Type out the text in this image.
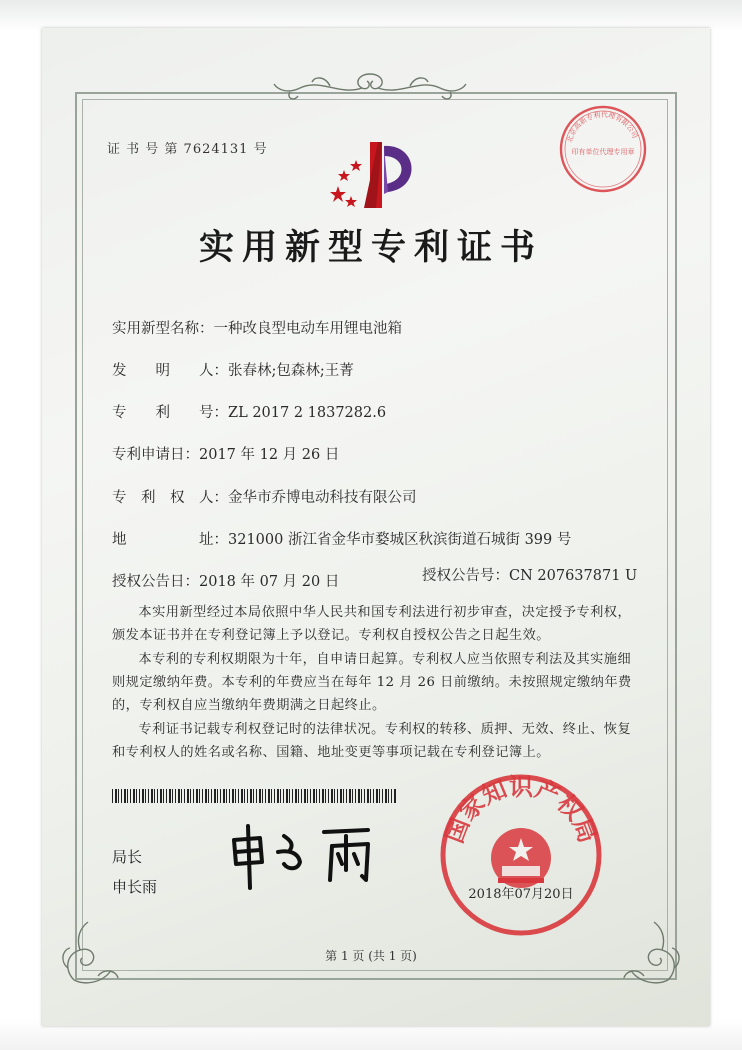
证 书 号 第 7624131 号
实用新型专利证书
北京高新专利代理有限公司
印有单位代理专用章
实用新型名称：一种改良型电动车用锂电池箱
发　　明　　人：张春林;包森林;王菁
专　　利　　号：ZL 2017 2 1837282.6
专利申请日：2017 年 12 月 26 日
专　利　权　人：金华市乔博电动科技有限公司
地　　　　　址：321000 浙江省金华市婺城区秋滨街道石城街 399 号
授权公告日：2018 年 07 月 20 日	授权公告号：CN 207637871 U
本实用新型经过本局依照中华人民共和国专利法进行初步审查，决定授予专利权，颁发本证书并在专利登记簿上予以登记。专利权自授权公告之日起生效。
本专利的专利权期限为十年，自申请日起算。专利权人应当依照专利法及其实施细则规定缴纳年费。本专利的年费应当在每年 12 月 26 日前缴纳。未按照规定缴纳年费的，专利权自应当缴纳年费期满之日起终止。
专利证书记载专利权登记时的法律状况。专利权的转移、质押、无效、终止、恢复和专利权人的姓名或名称、国籍、地址变更等事项记载在专利登记簿上。
局长
申长雨
国家知识产权局
2018年07月20日
第 1 页 (共 1 页)
